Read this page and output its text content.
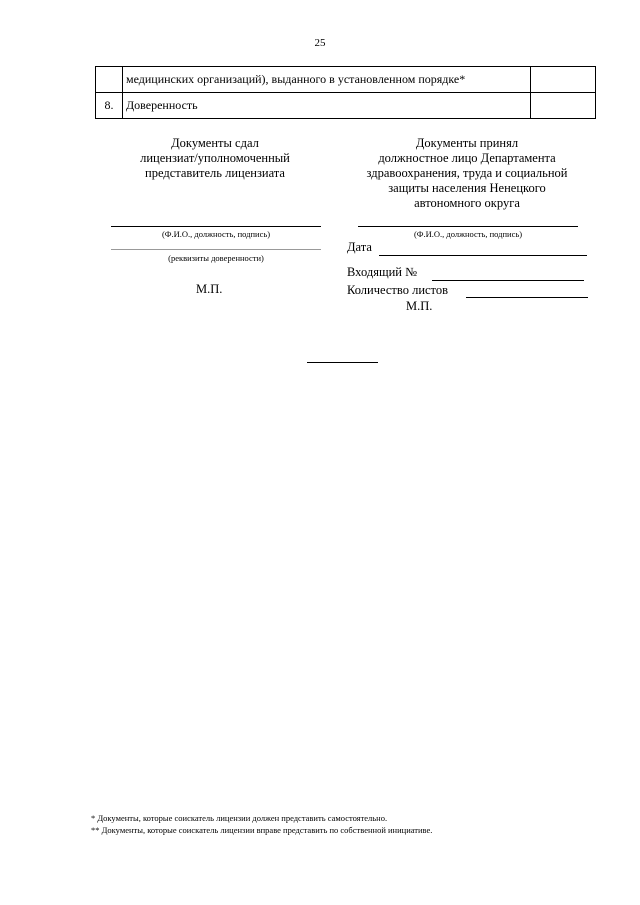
25
	медицинских организаций), выданного в установленном порядке*	
8.	Доверенность	
Документы сдал
лицензиат/уполномоченный
представитель лицензиата
(Ф.И.О., должность, подпись)
(реквизиты доверенности)
М.П.
Документы принял
должностное лицо Департамента
здравоохранения, труда и социальной
защиты населения Ненецкого
автономного округа
(Ф.И.О., должность, подпись)
Дата
Входящий №
Количество листов
М.П.
* Документы, которые соискатель лицензии должен представить самостоятельно.
** Документы, которые соискатель лицензии вправе представить по собственной инициативе.
